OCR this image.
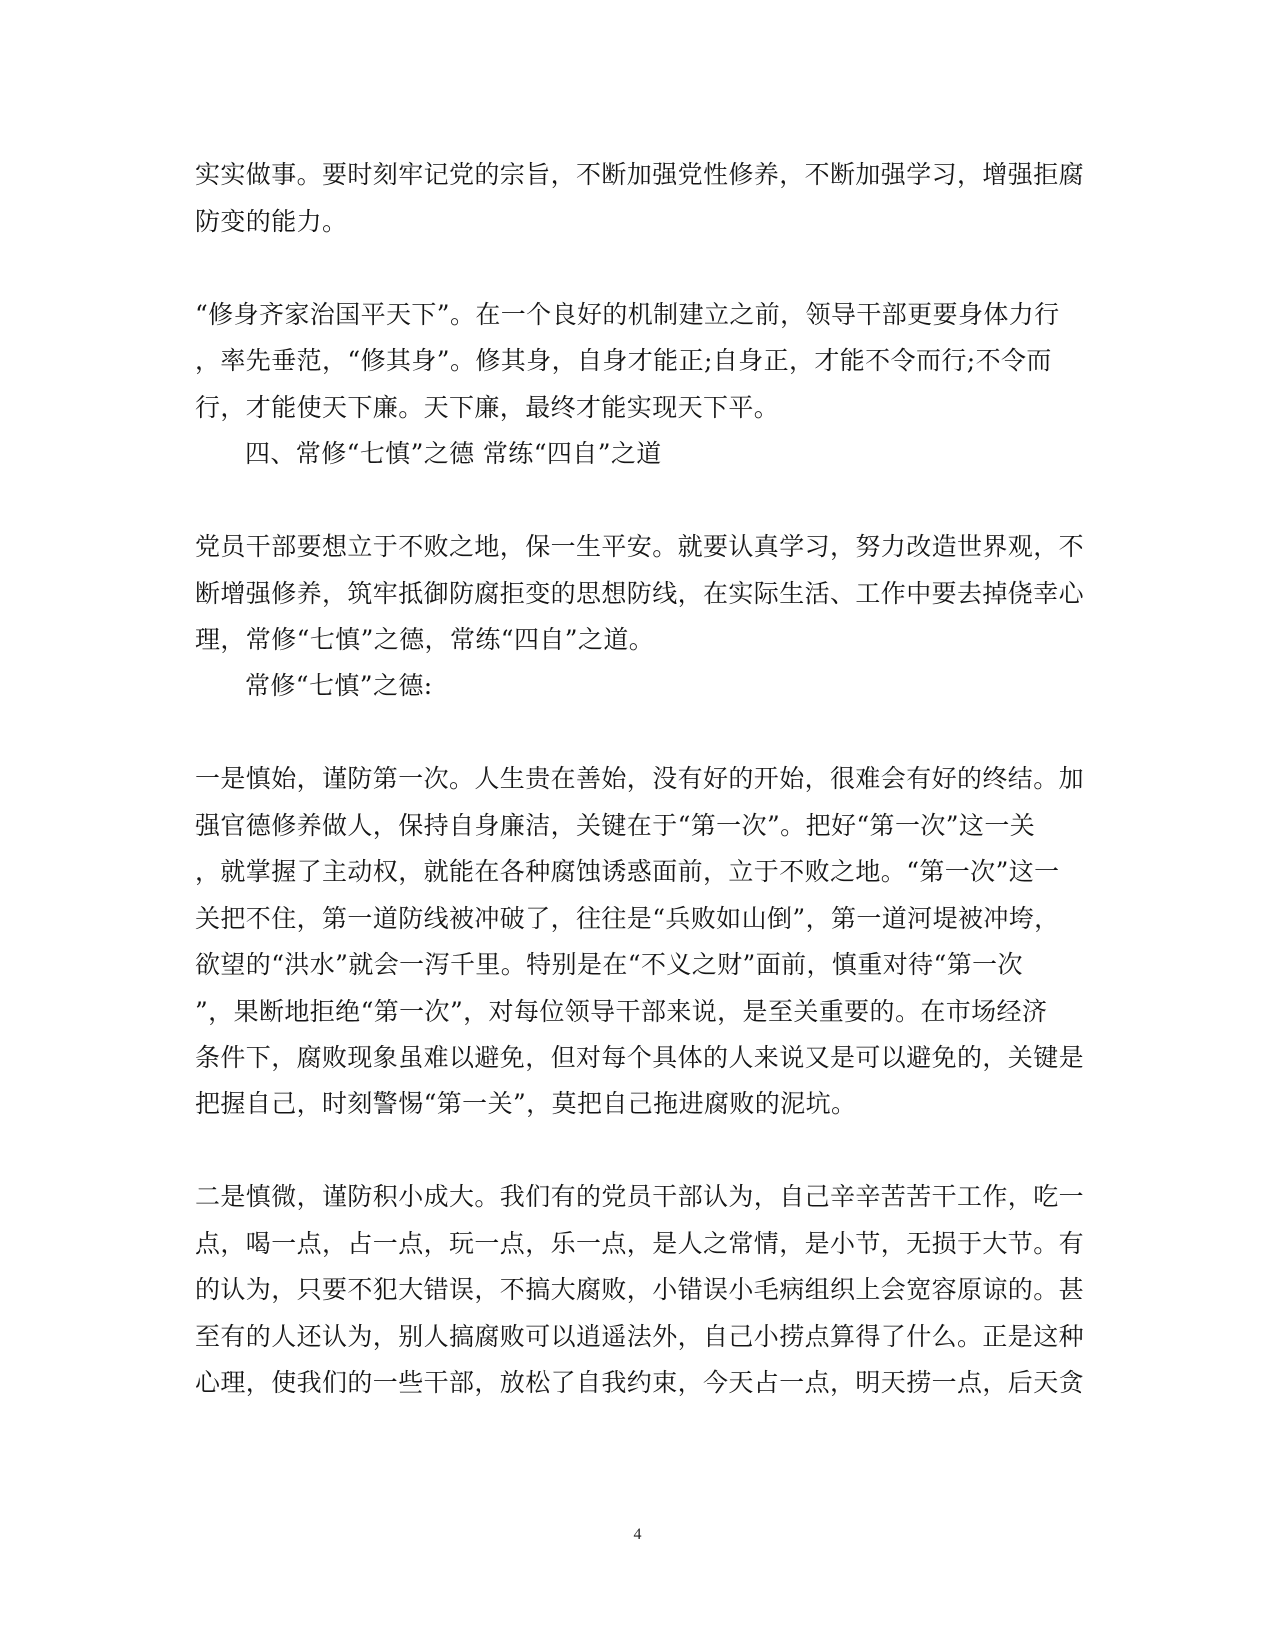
实实做事。要时刻牢记党的宗旨，不断加强党性修养，不断加强学习，增强拒腐

防变的能力。

“修身齐家治国平天下”。在一个良好的机制建立之前，领导干部更要身体力行

，率先垂范，“修其身”。修其身，自身才能正;自身正，才能不令而行;不令而

行，才能使天下廉。天下廉，最终才能实现天下平。

四、常修“七慎”之德 常练“四自”之道

党员干部要想立于不败之地，保一生平安。就要认真学习，努力改造世界观，不

断增强修养，筑牢抵御防腐拒变的思想防线，在实际生活、工作中要去掉侥幸心

理，常修“七慎”之德，常练“四自”之道。

常修“七慎”之德:

一是慎始，谨防第一次。人生贵在善始，没有好的开始，很难会有好的终结。加

强官德修养做人，保持自身廉洁，关键在于“第一次”。把好“第一次”这一关

，就掌握了主动权，就能在各种腐蚀诱惑面前，立于不败之地。“第一次”这一

关把不住，第一道防线被冲破了，往往是“兵败如山倒”，第一道河堤被冲垮，

欲望的“洪水”就会一泻千里。特别是在“不义之财”面前，慎重对待“第一次

”，果断地拒绝“第一次”，对每位领导干部来说，是至关重要的。在市场经济

条件下，腐败现象虽难以避免，但对每个具体的人来说又是可以避免的，关键是

把握自己，时刻警惕“第一关”，莫把自己拖进腐败的泥坑。

二是慎微，谨防积小成大。我们有的党员干部认为，自己辛辛苦苦干工作，吃一

点，喝一点，占一点，玩一点，乐一点，是人之常情，是小节，无损于大节。有

的认为，只要不犯大错误，不搞大腐败，小错误小毛病组织上会宽容原谅的。甚

至有的人还认为，别人搞腐败可以逍遥法外，自己小捞点算得了什么。正是这种

心理，使我们的一些干部，放松了自我约束，今天占一点，明天捞一点，后天贪

4
